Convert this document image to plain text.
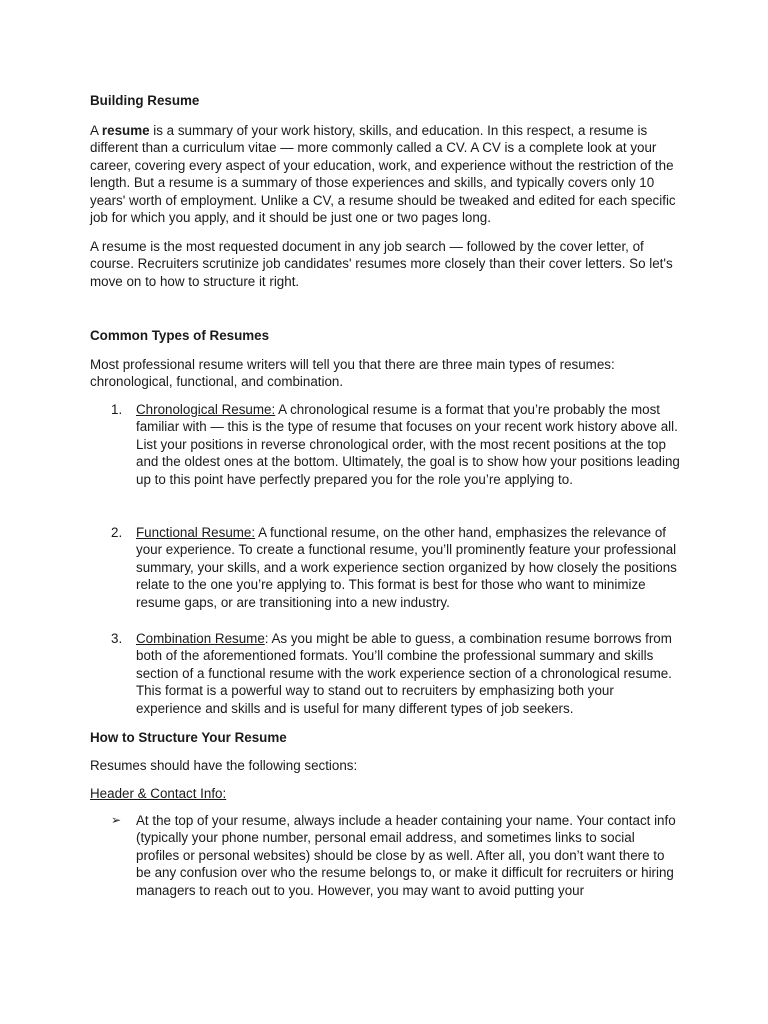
Building Resume

A resume is a summary of your work history, skills, and education. In this respect, a resume is different than a curriculum vitae — more commonly called a CV. A CV is a complete look at your career, covering every aspect of your education, work, and experience without the restriction of the length. But a resume is a summary of those experiences and skills, and typically covers only 10 years' worth of employment. Unlike a CV, a resume should be tweaked and edited for each specific job for which you apply, and it should be just one or two pages long.

A resume is the most requested document in any job search — followed by the cover letter, of course. Recruiters scrutinize job candidates' resumes more closely than their cover letters. So let's move on to how to structure it right.

Common Types of Resumes

Most professional resume writers will tell you that there are three main types of resumes: chronological, functional, and combination.

1. Chronological Resume: A chronological resume is a format that you’re probably the most familiar with — this is the type of resume that focuses on your recent work history above all. List your positions in reverse chronological order, with the most recent positions at the top and the oldest ones at the bottom. Ultimately, the goal is to show how your positions leading up to this point have perfectly prepared you for the role you’re applying to.
2. Functional Resume: A functional resume, on the other hand, emphasizes the relevance of your experience. To create a functional resume, you’ll prominently feature your professional summary, your skills, and a work experience section organized by how closely the positions relate to the one you’re applying to. This format is best for those who want to minimize resume gaps, or are transitioning into a new industry.
3. Combination Resume: As you might be able to guess, a combination resume borrows from both of the aforementioned formats. You’ll combine the professional summary and skills section of a functional resume with the work experience section of a chronological resume. This format is a powerful way to stand out to recruiters by emphasizing both your experience and skills and is useful for many different types of job seekers.
How to Structure Your Resume

Resumes should have the following sections:

Header & Contact Info:

➢ At the top of your resume, always include a header containing your name. Your contact info (typically your phone number, personal email address, and sometimes links to social profiles or personal websites) should be close by as well. After all, you don’t want there to be any confusion over who the resume belongs to, or make it difficult for recruiters or hiring managers to reach out to you. However, you may want to avoid putting your
